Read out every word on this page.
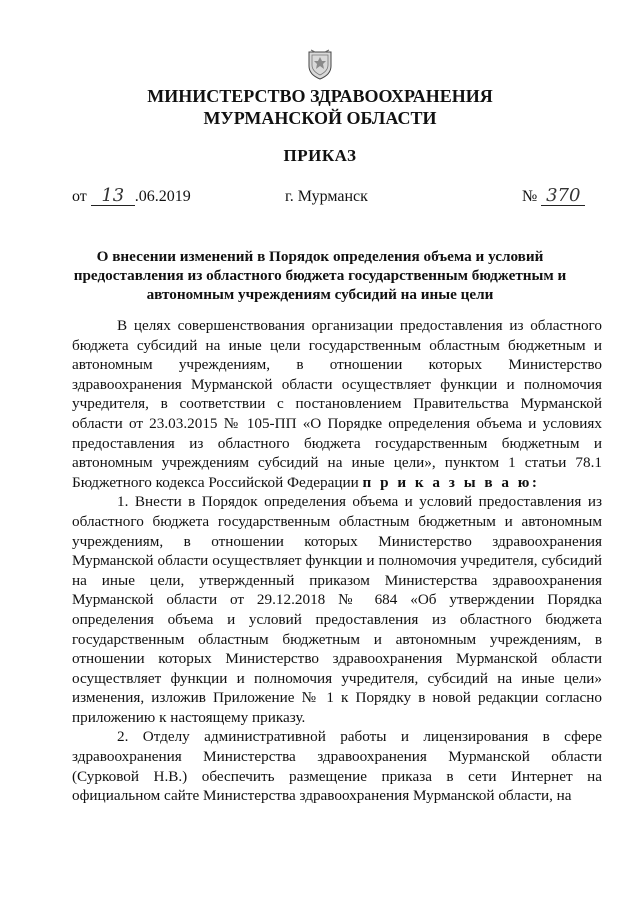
МИНИСТЕРСТВО ЗДРАВООХРАНЕНИЯ
МУРМАНСКОЙ ОБЛАСТИ
ПРИКАЗ
от 13 .06.2019	г. Мурманск	№ 370
О внесении изменений в Порядок определения объема и условий
предоставления из областного бюджета государственным бюджетным и
автономным учреждениям субсидий на иные цели

В целях совершенствования организации предоставления из областного бюджета субсидий на иные цели государственным областным бюджетным и автономным учреждениям, в отношении которых Министерство здравоохранения Мурманской области осуществляет функции и полномочия учредителя, в соответствии с постановлением Правительства Мурманской области от 23.03.2015 № 105-ПП «О Порядке определения объема и условиях предоставления из областного бюджета государственным бюджетным и автономным учреждениям субсидий на иные цели», пунктом 1 статьи 78.1 Бюджетного кодекса Российской Федерации п р и к а з ы в а ю:

1. Внести в Порядок определения объема и условий предоставления из областного бюджета государственным областным бюджетным и автономным учреждениям, в отношении которых Министерство здравоохранения Мурманской области осуществляет функции и полномочия учредителя, субсидий на иные цели, утвержденный приказом Министерства здравоохранения Мурманской области от 29.12.2018 № 684 «Об утверждении Порядка определения объема и условий предоставления из областного бюджета государственным областным бюджетным и автономным учреждениям, в отношении которых Министерство здравоохранения Мурманской области осуществляет функции и полномочия учредителя, субсидий на иные цели» изменения, изложив Приложение № 1 к Порядку в новой редакции согласно приложению к настоящему приказу.

2. Отделу административной работы и лицензирования в сфере здравоохранения Министерства здравоохранения Мурманской области (Сурковой Н.В.) обеспечить размещение приказа в сети Интернет на официальном сайте Министерства здравоохранения Мурманской области, на
